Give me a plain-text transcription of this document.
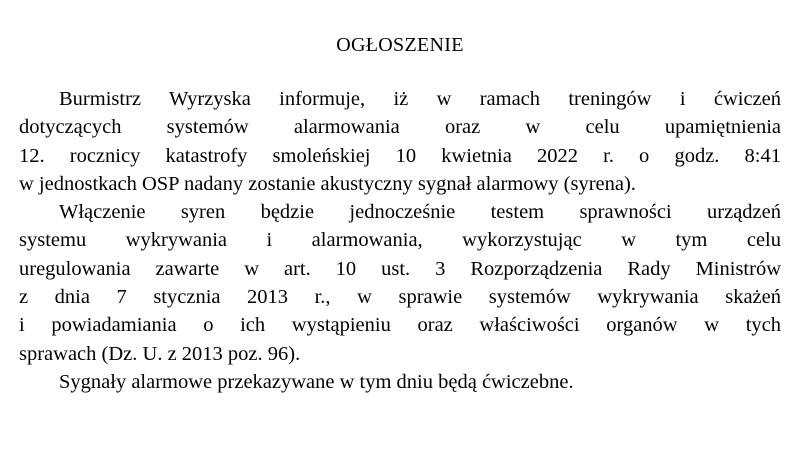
OGŁOSZENIE
Burmistrz Wyrzyska informuje, iż w ramach treningów i ćwiczeń
dotyczących systemów alarmowania oraz w celu upamiętnienia
12. rocznicy katastrofy smoleńskiej 10 kwietnia 2022 r. o godz. 8:41
w jednostkach OSP nadany zostanie akustyczny sygnał alarmowy (syrena).
Włączenie syren będzie jednocześnie testem sprawności urządzeń
systemu wykrywania i alarmowania, wykorzystując w tym celu
uregulowania zawarte w art. 10 ust. 3 Rozporządzenia Rady Ministrów
z dnia 7 stycznia 2013 r., w sprawie systemów wykrywania skażeń
i powiadamiania o ich wystąpieniu oraz właściwości organów w tych
sprawach (Dz. U. z 2013 poz. 96).
Sygnały alarmowe przekazywane w tym dniu będą ćwiczebne.
